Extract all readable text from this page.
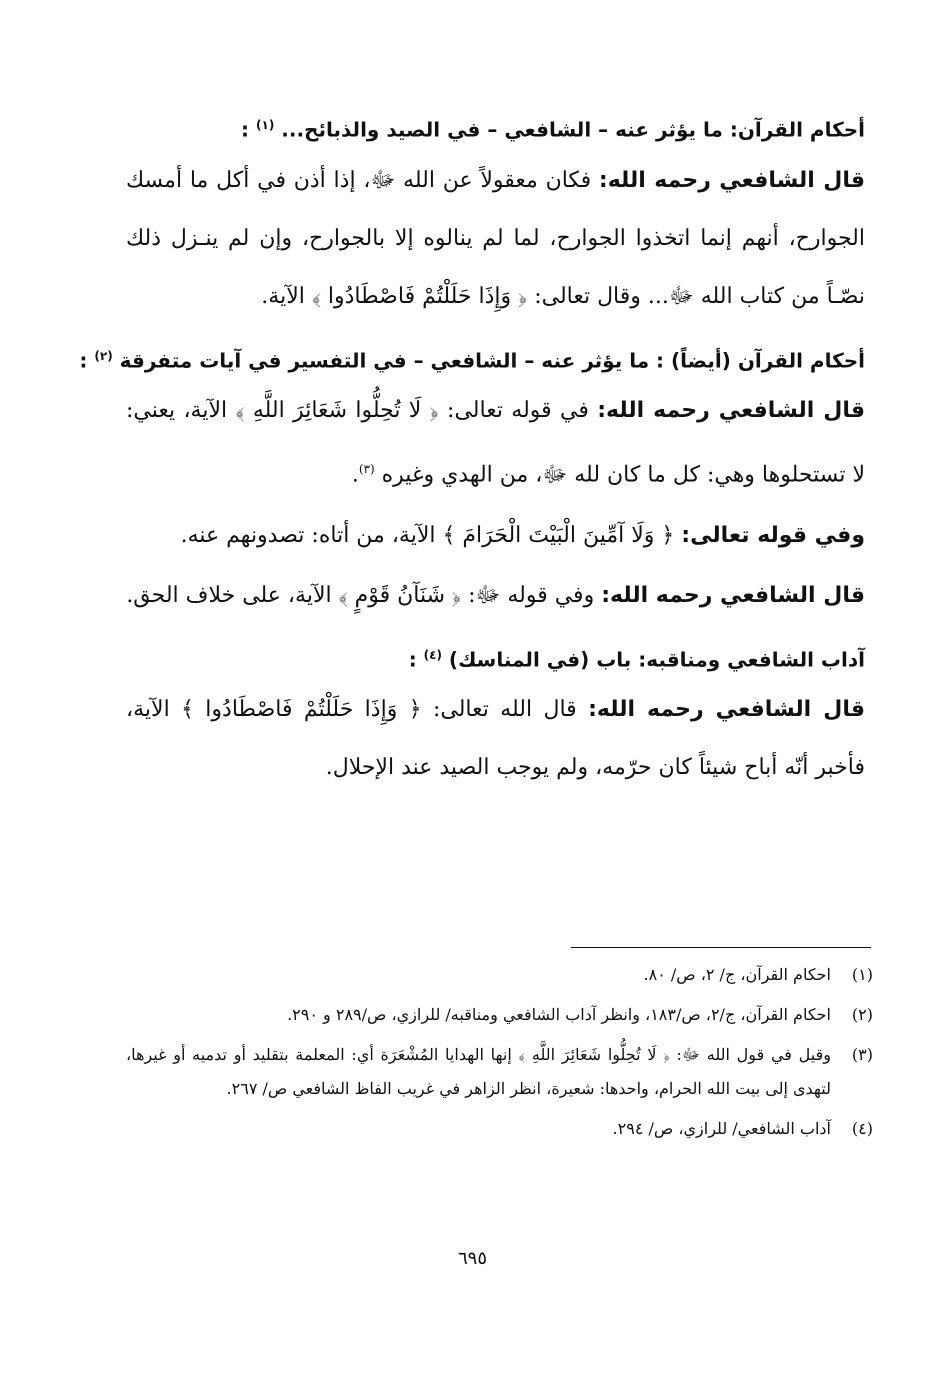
أحكام القرآن: ما يؤثر عنه – الشافعي – في الصيد والذبائح... $^{(١)}$ :

قال الشافعي رحمه الله: فكان معقولاً عن الله ﷻ، إذا أذن في أكل ما أمسك الجوارح، أنهم إنما اتخذوا الجوارح، لما لم ينالوه إلا بالجوارح، وإن لم ينـزل ذلك نصّـاً من كتاب الله ﷻ... وقال تعالى: ﴿ وَإِذَا حَلَلْتُمْ فَاصْطَادُوا ﴾ الآية.

أحكام القرآن (أيضاً) : ما يؤثر عنه – الشافعي – في التفسير في آيات متفرقة $^{(٢)}$ :

قال الشافعي رحمه الله: في قوله تعالى: ﴿ لَا تُحِلُّوا شَعَائِرَ اللَّهِ ﴾ الآية، يعني: لا تستحلوها وهي: كل ما كان لله ﷻ، من الهدي وغيره $^{(٣)}$.

وفي قوله تعالى: ﴿ وَلَا آمِّينَ الْبَيْتَ الْحَرَامَ ﴾ الآية، من أتاه: تصدونهم عنه.

قال الشافعي رحمه الله: وفي قوله ﷻ: ﴿ شَنَآنُ قَوْمٍ ﴾ الآية، على خلاف الحق.

آداب الشافعي ومناقبه: باب (في المناسك) $^{(٤)}$ :

قال الشافعي رحمه الله: قال الله تعالى: ﴿ وَإِذَا حَلَلْتُمْ فَاصْطَادُوا ﴾ الآية، فأخبر أنّه أباح شيئاً كان حرّمه، ولم يوجب الصيد عند الإحلال.

(١)
احكام القرآن، ج/ ٢، ص/ ٨٠.
(٢)
احكام القرآن، ج/٢، ص/١٨٣، وانظر آداب الشافعي ومناقبه/ للرازي، ص/٢٨٩ و ٢٩٠.
(٣)
وقيل في قول الله ﷻ: ﴿ لَا تُحِلُّوا شَعَائِرَ اللَّهِ ﴾ إنها الهدايا المُشْعَرَة أي: المعلمة بتقليد أو تدميه أو غيرها، لتهدى إلى بيت الله الحرام، واحدها: شعيرة، انظر الزاهر في غريب الفاظ الشافعي ص/ ٢٦٧.
(٤)
آداب الشافعي/ للرازي، ص/ ٢٩٤.
٦٩٥
